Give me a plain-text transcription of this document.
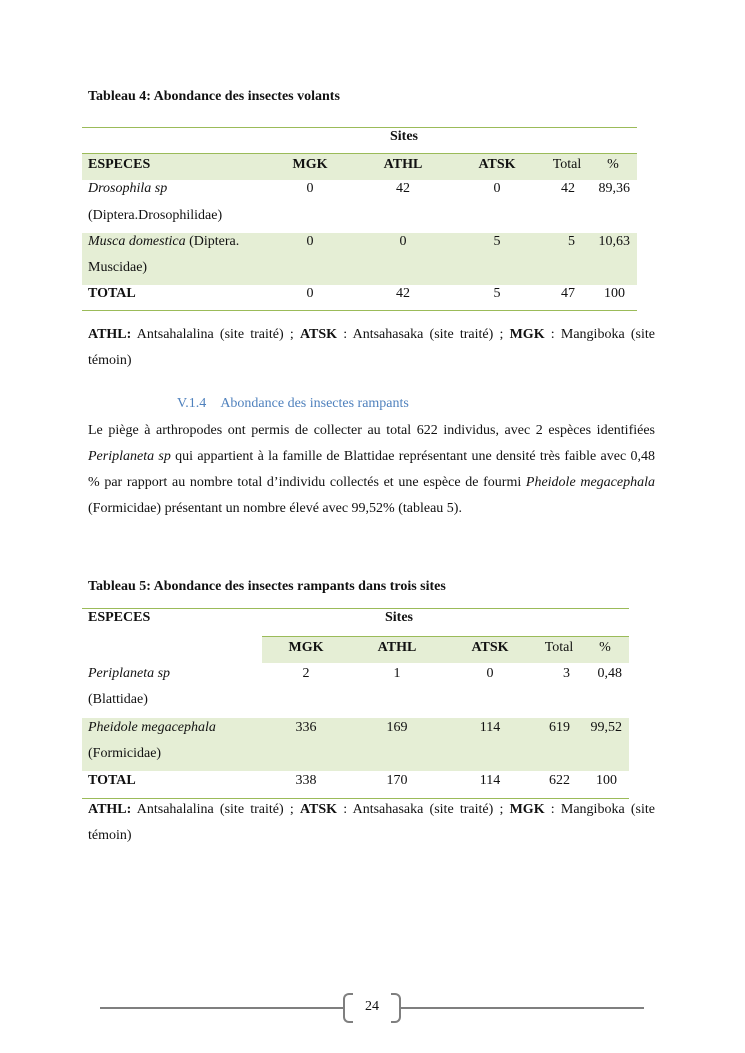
Tableau 4: Abondance des insectes volants
Sites
ESPECES	MGK	ATHL	ATSK	Total	%
Drosophila sp
(Diptera.Drosophilidae)
0	42	0	42	89,36
Musca domestica (Diptera.
Muscidae)
0	0	5	5	10,63
TOTAL	0	42	5	47	100
ATHL: Antsahalalina (site traité) ; ATSK : Antsahasaka (site traité) ; MGK : Mangiboka (site témoin)
V.1.4 Abondance des insectes rampants
Le piège à arthropodes ont permis de collecter au total 622 individus, avec 2 espèces identifiées Periplaneta sp qui appartient à la famille de Blattidae représentant une densité très faible avec 0,48 % par rapport au nombre total d’individu collectés et une espèce de fourmi Pheidole megacephala (Formicidae) présentant un nombre élevé avec 99,52% (tableau 5).
Tableau 5: Abondance des insectes rampants dans trois sites
ESPECES	Sites
MGK	ATHL	ATSK	Total	%
Periplaneta sp
(Blattidae)
2	1	0	3	0,48
Pheidole megacephala
(Formicidae)
336	169	114	619	99,52
TOTAL	338	170	114	622	100
ATHL: Antsahalalina (site traité) ; ATSK : Antsahasaka (site traité) ; MGK : Mangiboka (site témoin)
24
